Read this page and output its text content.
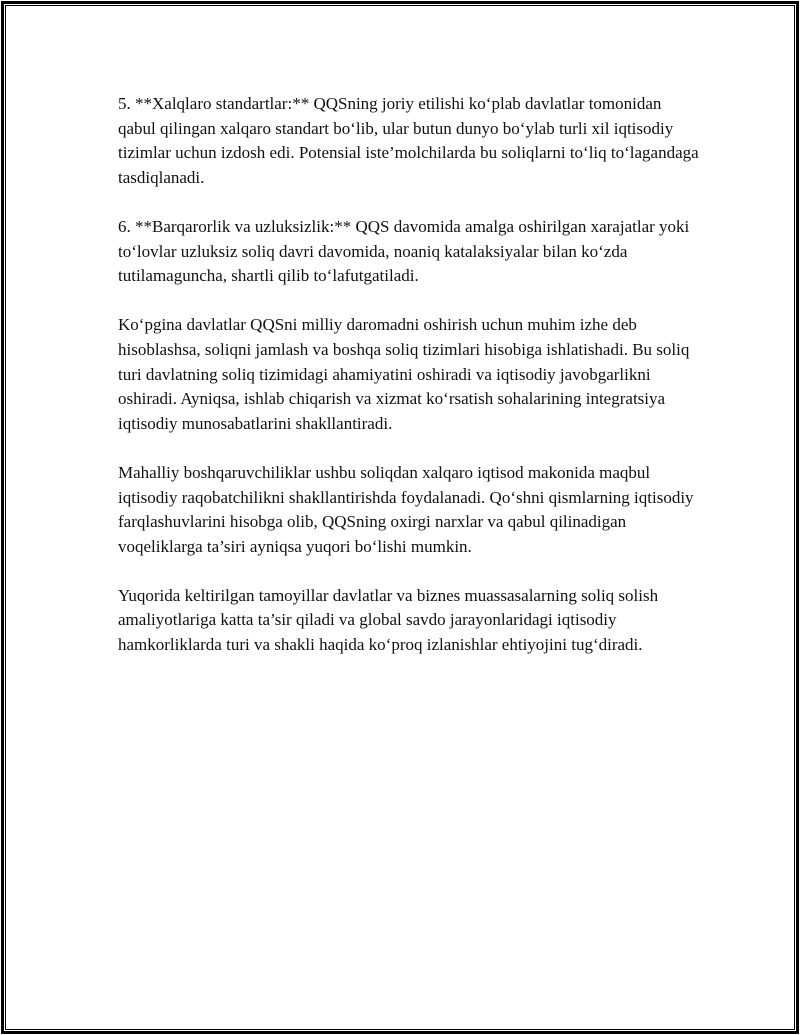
5. **Xalqlaro standartlar:** QQSning joriy etilishi ko‘plab davlatlar tomonidan qabul qilingan xalqaro standart bo‘lib, ular butun dunyo bo‘ylab turli xil iqtisodiy tizimlar uchun izdosh edi. Potensial iste’molchilarda bu soliqlarni to‘liq to‘lagandaga tasdiqlanadi.

6. **Barqarorlik va uzluksizlik:** QQS davomida amalga oshirilgan xarajatlar yoki to‘lovlar uzluksiz soliq davri davomida, noaniq katalaksiyalar bilan ko‘zda tutilamaguncha, shartli qilib to‘lafutgatiladi.

Ko‘pgina davlatlar QQSni milliy daromadni oshirish uchun muhim izhe deb hisoblashsa, soliqni jamlash va boshqa soliq tizimlari hisobiga ishlatishadi. Bu soliq turi davlatning soliq tizimidagi ahamiyatini oshiradi va iqtisodiy javobgarlikni oshiradi. Ayniqsa, ishlab chiqarish va xizmat ko‘rsatish sohalarining integratsiya iqtisodiy munosabatlarini shakllantiradi.

Mahalliy boshqaruvchiliklar ushbu soliqdan xalqaro iqtisod makonida maqbul iqtisodiy raqobatchilikni shakllantirishda foydalanadi. Qo‘shni qismlarning iqtisodiy farqlashuvlarini hisobga olib, QQSning oxirgi narxlar va qabul qilinadigan voqeliklarga ta’siri ayniqsa yuqori bo‘lishi mumkin.

Yuqorida keltirilgan tamoyillar davlatlar va biznes muassasalarning soliq solish amaliyotlariga katta ta’sir qiladi va global savdo jarayonlaridagi iqtisodiy hamkorliklarda turi va shakli haqida ko‘proq izlanishlar ehtiyojini tug‘diradi.
